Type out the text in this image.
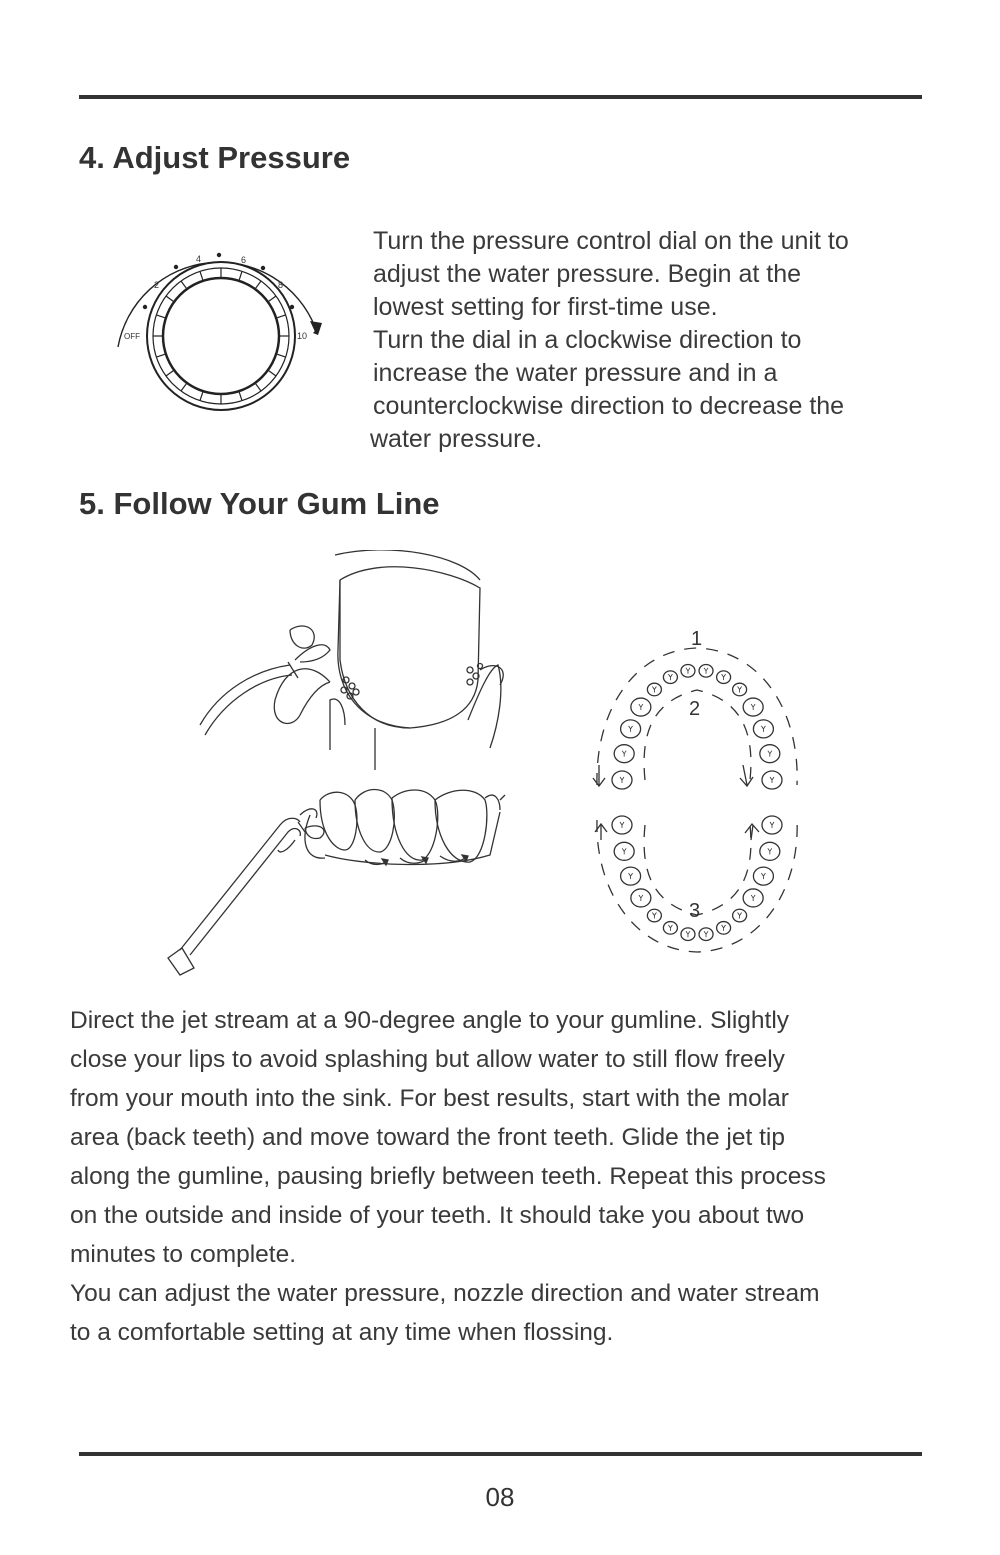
4. Adjust Pressure
OFF
2
4	6
8
10
Turn the pressure control dial on the unit to
adjust the water pressure. Begin at the
lowest setting for first-time use.
Turn the dial in a clockwise direction to
increase the water pressure and in a
counterclockwise direction to decrease the
water pressure.
5. Follow Your Gum Line
1
2
3
Direct the jet stream at a 90-degree angle to your gumline. Slightly
close your lips to avoid splashing but allow water to still flow freely
from your mouth into the sink. For best results, start with the molar
area (back teeth) and move toward the front teeth. Glide the jet tip
along the gumline, pausing briefly between teeth. Repeat this process
on the outside and inside of your teeth. It should take you about two
minutes to complete.
You can adjust the water pressure, nozzle direction and water stream
to a comfortable setting at any time when flossing.
08
